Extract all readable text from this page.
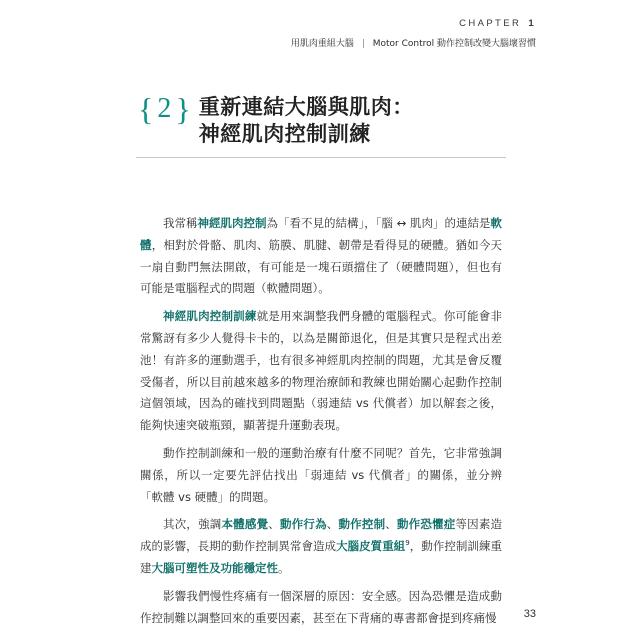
CHAPTER 1
用肌肉重組大腦 | Motor Control 動作控制改變大腦壞習慣
{ 2 } 重新連結大腦與肌肉：
神經肌肉控制訓練

我常稱神經肌肉控制為「看不見的結構」，「腦 ↔ 肌肉」的連結是軟體，相對於骨骼、肌肉、筋膜、肌腱、韌帶是看得見的硬體。猶如今天一扇自動門無法開啟，有可能是一塊石頭擋住了（硬體問題），但也有可能是電腦程式的問題（軟體問題）。

神經肌肉控制訓練就是用來調整我們身體的電腦程式。你可能會非常驚訝有多少人覺得卡卡的，以為是關節退化，但是其實只是程式出差池！有許多的運動選手，也有很多神經肌肉控制的問題，尤其是會反覆受傷者，所以目前越來越多的物理治療師和教練也開始關心起動作控制這個領域，因為的確找到問題點（弱連結 vs 代償者）加以解套之後，能夠快速突破瓶頸，顯著提升運動表現。

動作控制訓練和一般的運動治療有什麼不同呢？首先，它非常強調關係，所以一定要先評估找出「弱連結 vs 代償者」的關係，並分辨「軟體 vs 硬體」的問題。

其次，強調本體感覺、動作行為、動作控制、動作恐懼症等因素造成的影響，長期的動作控制異常會造成大腦皮質重組$^9$，動作控制訓練重建大腦可塑性及功能穩定性。

影響我們慢性疼痛有一個深層的原因：安全感。因為恐懼是造成動作控制難以調整回來的重要因素，甚至在下背痛的專書都會提到疼痛慢	33
